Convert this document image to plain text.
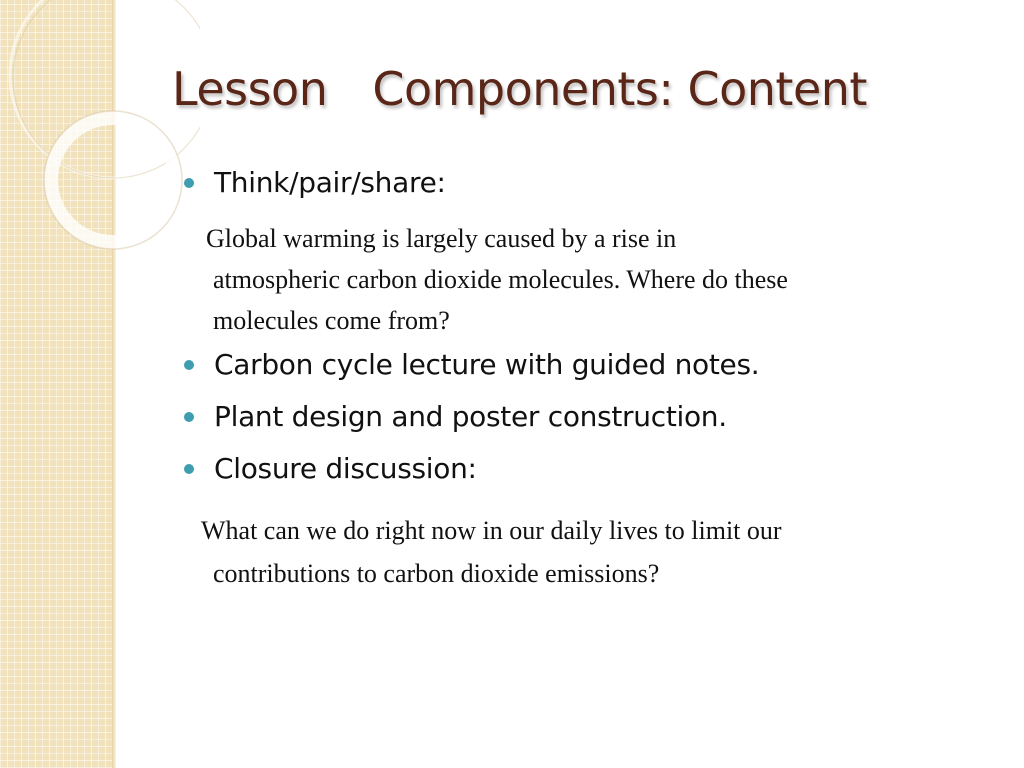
Lesson  Components: Content
Think/pair/share:
Global warming is largely caused by a rise in
atmospheric carbon dioxide molecules. Where do these
molecules come from?
Carbon cycle lecture with guided notes.
Plant design and poster construction.
Closure discussion:
What can we do right now in our daily lives to limit our
contributions to carbon dioxide emissions?
